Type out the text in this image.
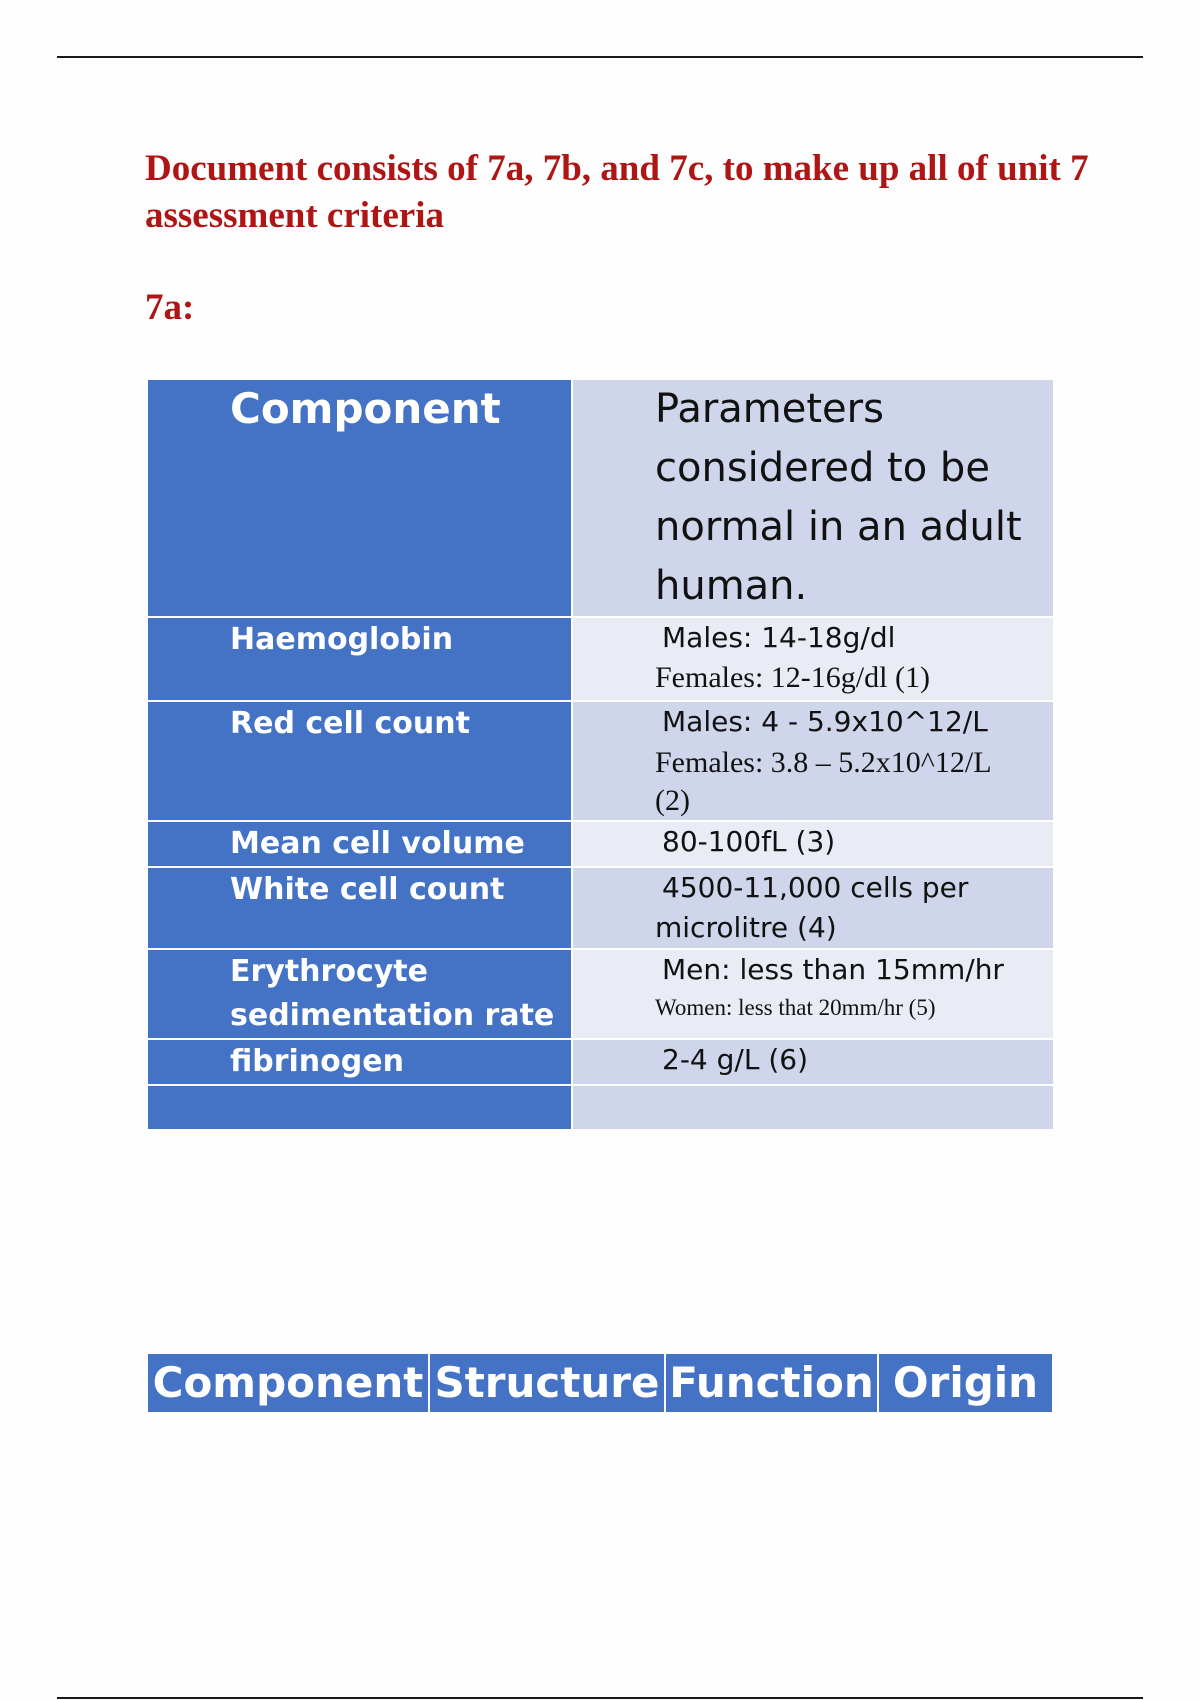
Document consists of 7a, 7b, and 7c, to make up all of unit 7 assessment criteria
7a:
Component	Parameters considered to be normal in an adult human.
Haemoglobin	Males: 14-18g/dl
Females: 12-16g/dl (1)

Red cell count	Males: 4 - 5.9x10^12/L
Females: 3.8 – 5.2x10^12/L (2)

Mean cell volume	80-100fL (3)

White cell count	4500-11,000 cells per
microlitre (4)

Erythrocyte sedimentation rate	Men: less than 15mm/hr
Women: less that 20mm/hr (5)

fibrinogen	2-4 g/L (6)

Component	Structure	Function	Origin
